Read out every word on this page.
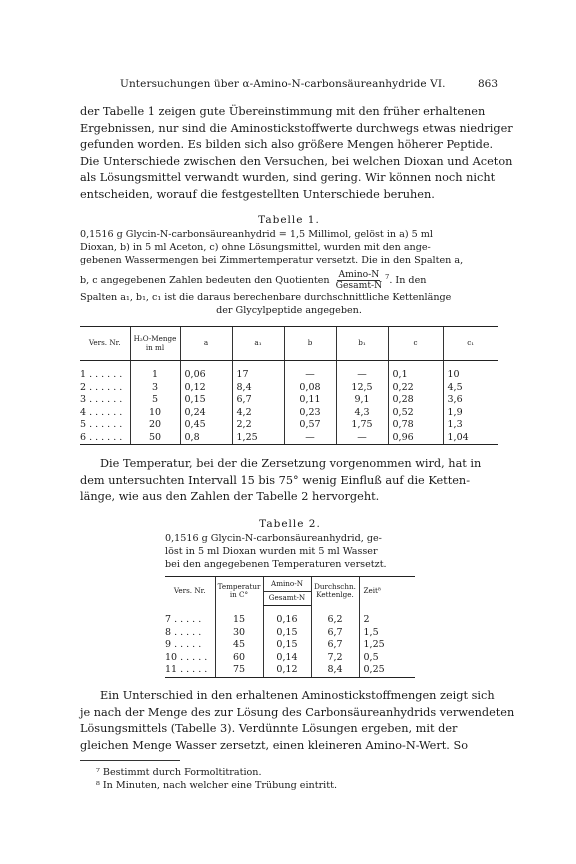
Untersuchungen über α-Amino-N-carbonsäureanhydride VI.	863
der Tabelle 1 zeigen gute Übereinstimmung mit den früher erhaltenen
Ergebnissen, nur sind die Aminostickstoffwerte durchwegs etwas niedriger
gefunden worden. Es bilden sich also größere Mengen höherer Peptide.
Die Unterschiede zwischen den Versuchen, bei welchen Dioxan und Aceton
als Lösungsmittel verwandt wurden, sind gering. Wir können noch nicht
entscheiden, worauf die festgestellten Unterschiede beruhen.
Tabelle 1.
0,1516 g Glycin-N-carbonsäureanhydrid = 1,5 Millimol, gelöst in a) 5 ml
Dioxan, b) in 5 ml Aceton, c) ohne Lösungsmittel, wurden mit den ange-
gebenen Wassermengen bei Zimmertemperatur versetzt. Die in den Spalten a,
b, c angegebenen Zahlen bedeuten den Quotienten $\frac{Amino-N}{\text{Gesamt-N}} ^7$. In den
Spalten a₁, b₁, c₁ ist die daraus berechenbare durchschnittliche Kettenlänge
der Glycylpeptide angegeben.
Vers. Nr.	H₂O-Menge in ml	a	a₁	b	b₁	c	c₁
1 . . . . . .	1	0,06	17	—	—	0,1	10
2 . . . . . .	3	0,12	8,4	0,08	12,5	0,22	4,5
3 . . . . . .	5	0,15	6,7	0,11	9,1	0,28	3,6
4 . . . . . .	10	0,24	4,2	0,23	4,3	0,52	1,9
5 . . . . . .	20	0,45	2,2	0,57	1,75	0,78	1,3
6 . . . . . .	50	0,8	1,25	—	—	0,96	1,04
Die Temperatur, bei der die Zersetzung vorgenommen wird, hat in
dem untersuchten Intervall 15 bis 75° wenig Einfluß auf die Ketten-
länge, wie aus den Zahlen der Tabelle 2 hervorgeht.
Tabelle 2.
0,1516 g Glycin-N-carbonsäureanhydrid, ge-
löst in 5 ml Dioxan wurden mit 5 ml Wasser
bei den angegebenen Temperaturen versetzt.
Vers. Nr.	Temperatur in C°	Amino-N	Durchschn. Kettenlge.	Zeit⁸
		Gesamt-N		
7 . . . . .	15	0,16	6,2	2
8 . . . . .	30	0,15	6,7	1,5
9 . . . . .	45	0,15	6,7	1,25
10 . . . . .	60	0,14	7,2	0,5
11 . . . . .	75	0,12	8,4	0,25
Ein Unterschied in den erhaltenen Aminostickstoffmengen zeigt sich
je nach der Menge des zur Lösung des Carbonsäureanhydrids verwendeten
Lösungsmittels (Tabelle 3). Verdünnte Lösungen ergeben, mit der
gleichen Menge Wasser zersetzt, einen kleineren Amino-N-Wert. So
⁷ Bestimmt durch Formoltitration.
⁸ In Minuten, nach welcher eine Trübung eintritt.
